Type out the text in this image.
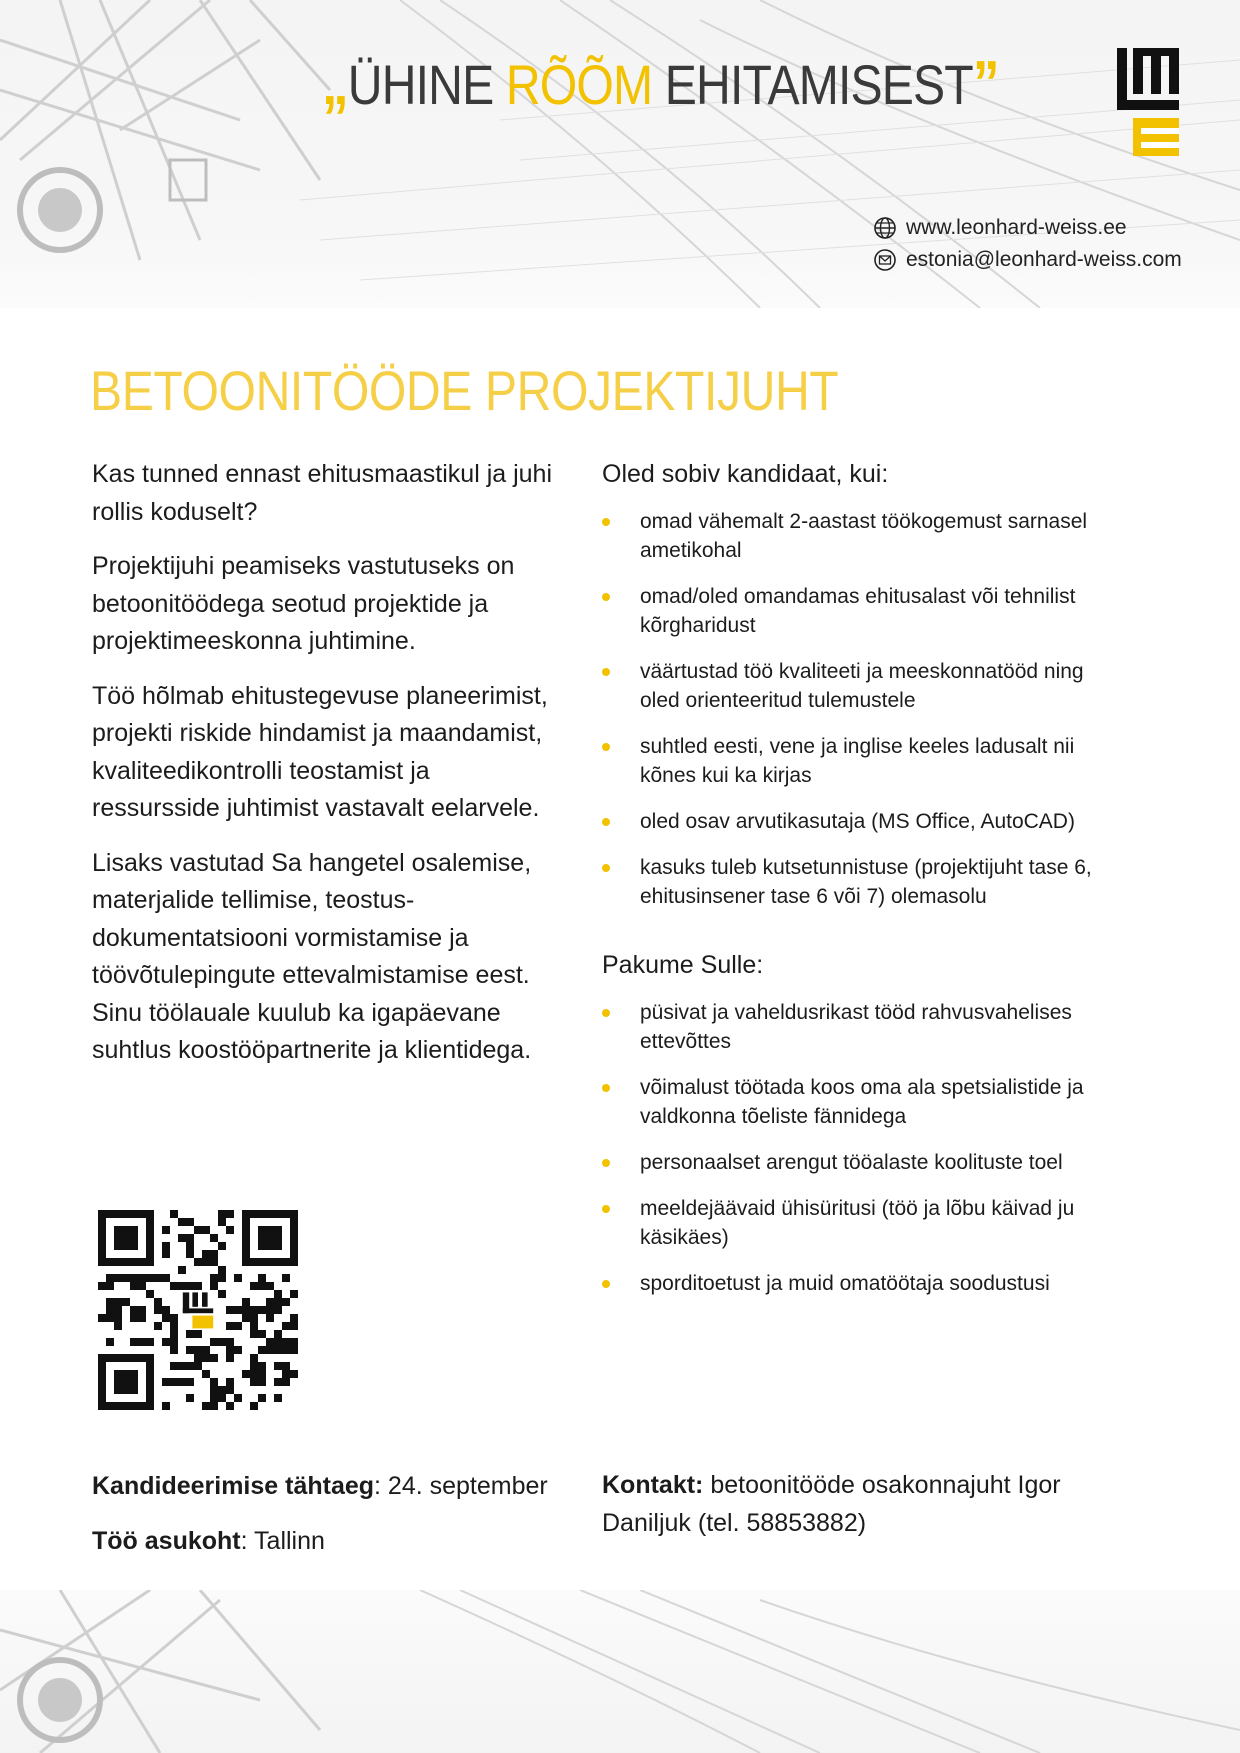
„ÜHINE RÕÕM EHITAMISEST”
www.leonhard-weiss.ee
estonia@leonhard-weiss.com
BETOONITÖÖDE PROJEKTIJUHT

Kas tunned ennast ehitusmaastikul ja juhi rollis koduselt?

Projektijuhi peamiseks vastutuseks on betoonitöödega seotud projektide ja projektimeeskonna juhtimine.

Töö hõlmab ehitustegevuse planeerimist, projekti riskide hindamist ja maandamist, kvaliteedikontrolli teostamist ja ressursside juhtimist vastavalt eelarvele.

Lisaks vastutad Sa hangetel osalemise, materjalide tellimise, teostus-dokumentatsiooni vormistamise ja töövõtulepingute ettevalmistamise eest. Sinu töölauale kuulub ka igapäevane suhtlus koostööpartnerite ja klientidega.

Oled sobiv kandidaat, kui:
omad vähemalt 2-aastast töökogemust sarnasel ametikohal
omad/oled omandamas ehitusalast või tehnilist kõrgharidust
väärtustad töö kvaliteeti ja meeskonnatööd ning oled orienteeritud tulemustele
suhtled eesti, vene ja inglise keeles ladusalt nii kõnes kui ka kirjas
oled osav arvutikasutaja (MS Office, AutoCAD)
kasuks tuleb kutsetunnistuse (projektijuht tase 6, ehitusinsener tase 6 või 7) olemasolu
Pakume Sulle:
püsivat ja vaheldusrikast tööd rahvusvahelises ettevõttes
võimalust töötada koos oma ala spetsialistide ja valdkonna tõeliste fännidega
personaalset arengut tööalaste koolituste toel
meeldejäävaid ühisüritusi (töö ja lõbu käivad ju käsikäes)
sporditoetust ja muid omatöötaja soodustusi
Kandideerimise tähtaeg: 24. september
Töö asukoht: Tallinn
Kontakt: betoonitööde osakonnajuht Igor Daniljuk (tel. 58853882)
